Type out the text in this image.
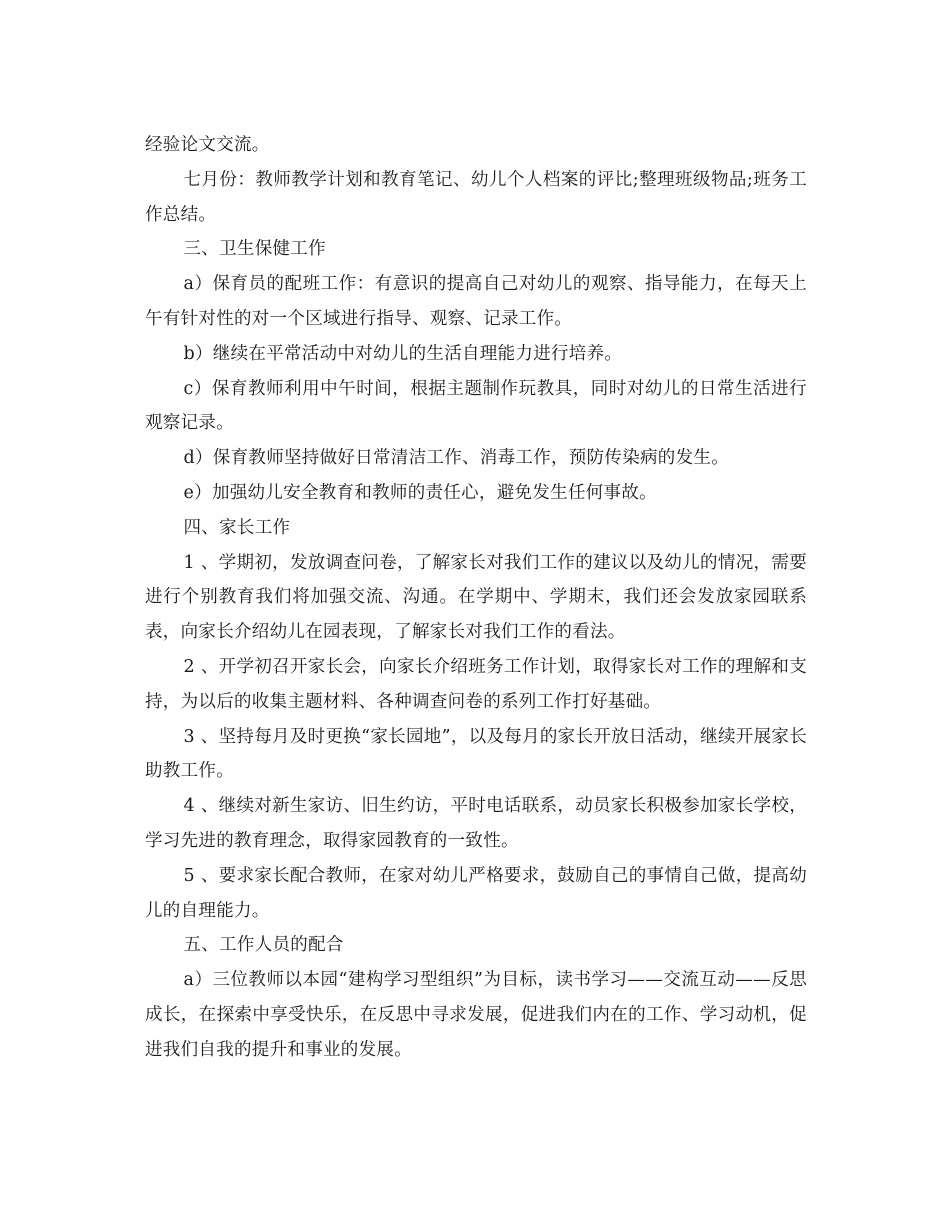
经验论文交流。

七月份：教师教学计划和教育笔记、幼儿个人档案的评比;整理班级物品;班务工作总结。

三、卫生保健工作

a）保育员的配班工作：有意识的提高自己对幼儿的观察、指导能力，在每天上午有针对性的对一个区域进行指导、观察、记录工作。

b）继续在平常活动中对幼儿的生活自理能力进行培养。

c）保育教师利用中午时间，根据主题制作玩教具，同时对幼儿的日常生活进行观察记录。

d）保育教师坚持做好日常清洁工作、消毒工作，预防传染病的发生。

e）加强幼儿安全教育和教师的责任心，避免发生任何事故。

四、家长工作

1 、学期初，发放调查问卷，了解家长对我们工作的建议以及幼儿的情况，需要进行个别教育我们将加强交流、沟通。在学期中、学期末，我们还会发放家园联系表，向家长介绍幼儿在园表现，了解家长对我们工作的看法。

2 、开学初召开家长会，向家长介绍班务工作计划，取得家长对工作的理解和支持，为以后的收集主题材料、各种调查问卷的系列工作打好基础。

3 、坚持每月及时更换“家长园地”，以及每月的家长开放日活动，继续开展家长助教工作。

4 、继续对新生家访、旧生约访，平时电话联系，动员家长积极参加家长学校，学习先进的教育理念，取得家园教育的一致性。

5 、要求家长配合教师，在家对幼儿严格要求，鼓励自己的事情自己做，提高幼儿的自理能力。

五、工作人员的配合

a）三位教师以本园“建构学习型组织”为目标，读书学习——交流互动——反思成长，在探索中享受快乐，在反思中寻求发展，促进我们内在的工作、学习动机，促进我们自我的提升和事业的发展。
